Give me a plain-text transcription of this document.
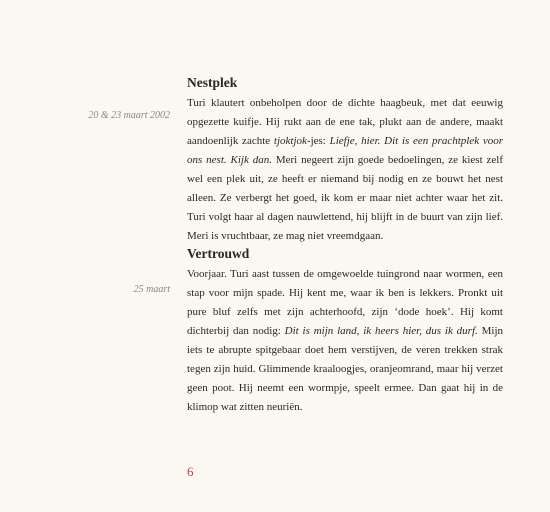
20 & 23 maart 2002
Nestplek

Turi klautert onbeholpen door de dichte haagbeuk, met dat eeuwig opgezette kuifje. Hij rukt aan de ene tak, plukt aan de andere, maakt aandoenlijk zachte tjoktjok-jes: Liefje, hier. Dit is een prachtplek voor ons nest. Kijk dan. Meri negeert zijn goede bedoelingen, ze kiest zelf wel een plek uit, ze heeft er niemand bij nodig en ze bouwt het nest alleen. Ze verbergt het goed, ik kom er maar niet achter waar het zit. Turi volgt haar al dagen nauwlettend, hij blijft in de buurt van zijn lief. Meri is vruchtbaar, ze mag niet vreemdgaan.

25 maart
Vertrouwd

Voorjaar. Turi aast tussen de omgewoelde tuingrond naar wormen, een stap voor mijn spade. Hij kent me, waar ik ben is lekkers. Pronkt uit pure bluf zelfs met zijn achterhoofd, zijn ‘dode hoek’. Hij komt dichterbij dan nodig: Dit is mijn land, ik heers hier, dus ik durf. Mijn iets te abrupte spitgebaar doet hem verstijven, de veren trekken strak tegen zijn huid. Glimmende kraaloogjes, oranjeomrand, maar hij verzet geen poot. Hij neemt een wormpje, speelt ermee. Dan gaat hij in de klimop wat zitten neuriën.

6
